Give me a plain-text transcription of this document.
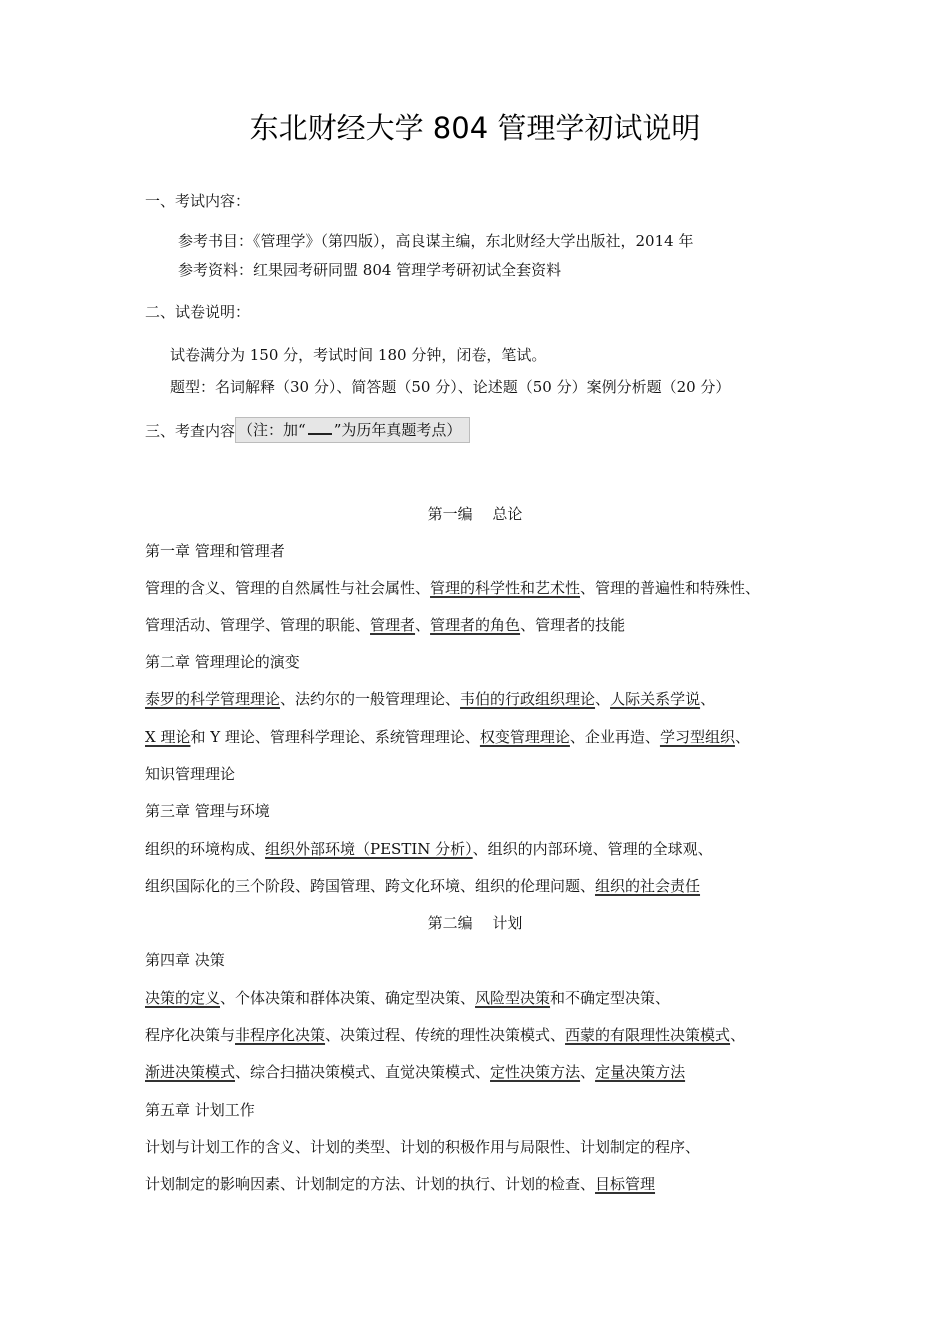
东北财经大学 804 管理学初试说明
一、考试内容：
参考书目：《管理学》（第四版），高良谋主编，东北财经大学出版社，2014 年
参考资料：红果园考研同盟 804 管理学考研初试全套资料
二、试卷说明：
试卷满分为 150 分，考试时间 180 分钟，闭卷，笔试。
题型：名词解释（30 分）、简答题（50 分）、论述题（50 分）案例分析题（20 分）
三、考查内容 （注：加“ ”为历年真题考点）
第一编　 总论
第一章 管理和管理者
管理的含义、管理的自然属性与社会属性、管理的科学性和艺术性、管理的普遍性和特殊性、
管理活动、管理学、管理的职能、管理者、管理者的角色、管理者的技能
第二章 管理理论的演变
泰罗的科学管理理论、法约尔的一般管理理论、韦伯的行政组织理论、人际关系学说、
X 理论和 Y 理论、管理科学理论、系统管理理论、权变管理理论、企业再造、学习型组织、
知识管理理论
第三章 管理与环境
组织的环境构成、组织外部环境（PESTIN 分析）、组织的内部环境、管理的全球观、
组织国际化的三个阶段、跨国管理、跨文化环境、组织的伦理问题、组织的社会责任
第二编　 计划
第四章 决策
决策的定义、个体决策和群体决策、确定型决策、风险型决策和不确定型决策、
程序化决策与非程序化决策、决策过程、传统的理性决策模式、西蒙的有限理性决策模式、
渐进决策模式、综合扫描决策模式、直觉决策模式、定性决策方法、定量决策方法
第五章 计划工作
计划与计划工作的含义、计划的类型、计划的积极作用与局限性、计划制定的程序、
计划制定的影响因素、计划制定的方法、计划的执行、计划的检查、目标管理
